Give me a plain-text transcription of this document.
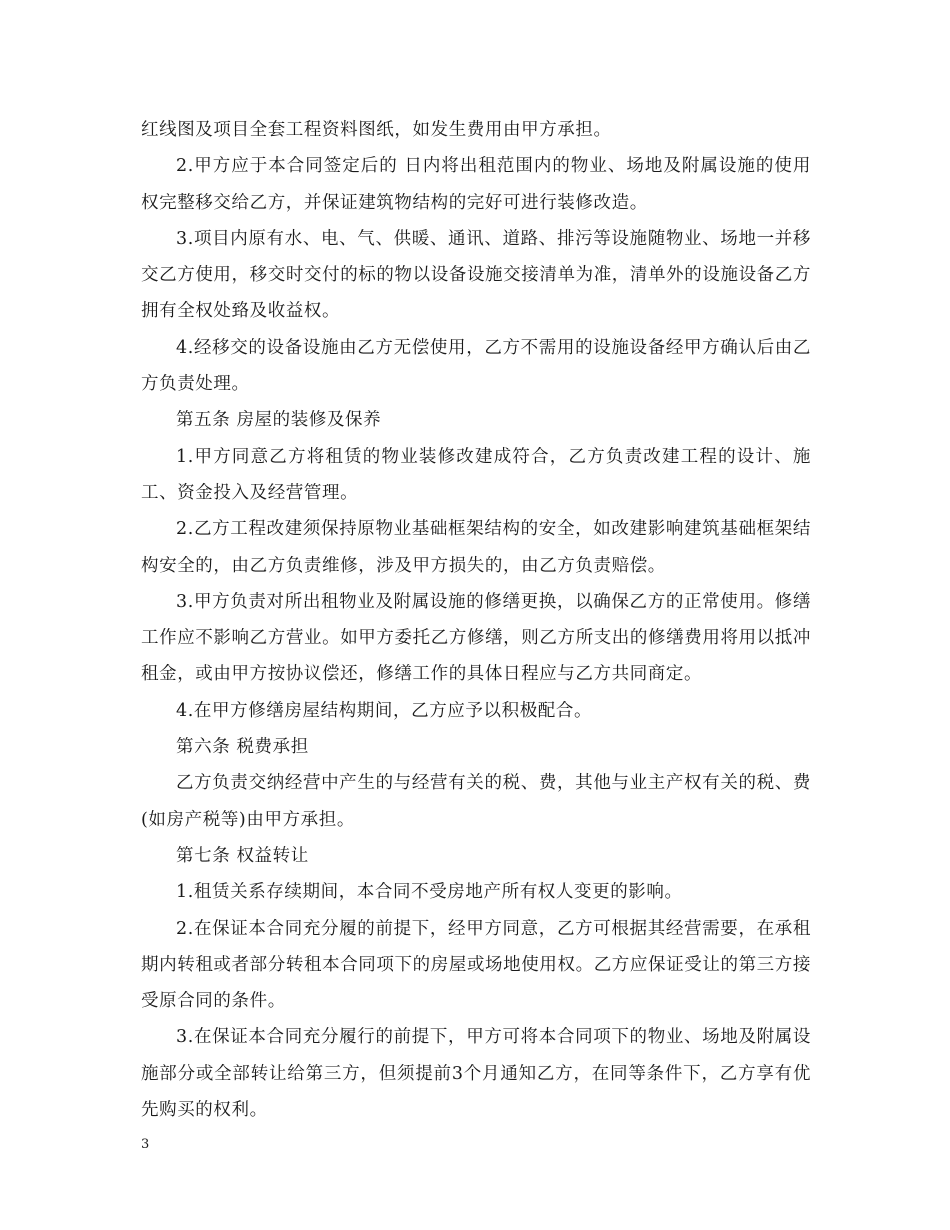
红线图及项目全套工程资料图纸，如发生费用由甲方承担。

2.甲方应于本合同签定后的 日内将出租范围内的物业、场地及附属设施的使用权完整移交给乙方，并保证建筑物结构的完好可进行装修改造。

3.项目内原有水、电、气、供暖、通讯、道路、排污等设施随物业、场地一并移交乙方使用，移交时交付的标的物以设备设施交接清单为准，清单外的设施设备乙方拥有全权处臵及收益权。

4.经移交的设备设施由乙方无偿使用，乙方不需用的设施设备经甲方确认后由乙方负责处理。

第五条 房屋的装修及保养

1.甲方同意乙方将租赁的物业装修改建成符合，乙方负责改建工程的设计、施工、资金投入及经营管理。

2.乙方工程改建须保持原物业基础框架结构的安全，如改建影响建筑基础框架结构安全的，由乙方负责维修，涉及甲方损失的，由乙方负责赔偿。

3.甲方负责对所出租物业及附属设施的修缮更换，以确保乙方的正常使用。修缮工作应不影响乙方营业。如甲方委托乙方修缮，则乙方所支出的修缮费用将用以抵冲租金，或由甲方按协议偿还，修缮工作的具体日程应与乙方共同商定。

4.在甲方修缮房屋结构期间，乙方应予以积极配合。

第六条 税费承担

乙方负责交纳经营中产生的与经营有关的税、费，其他与业主产权有关的税、费(如房产税等)由甲方承担。

第七条 权益转让

1.租赁关系存续期间，本合同不受房地产所有权人变更的影响。

2.在保证本合同充分履的前提下，经甲方同意，乙方可根据其经营需要，在承租期内转租或者部分转租本合同项下的房屋或场地使用权。乙方应保证受让的第三方接受原合同的条件。

3.在保证本合同充分履行的前提下，甲方可将本合同项下的物业、场地及附属设施部分或全部转让给第三方，但须提前3个月通知乙方，在同等条件下，乙方享有优先购买的权利。

3
